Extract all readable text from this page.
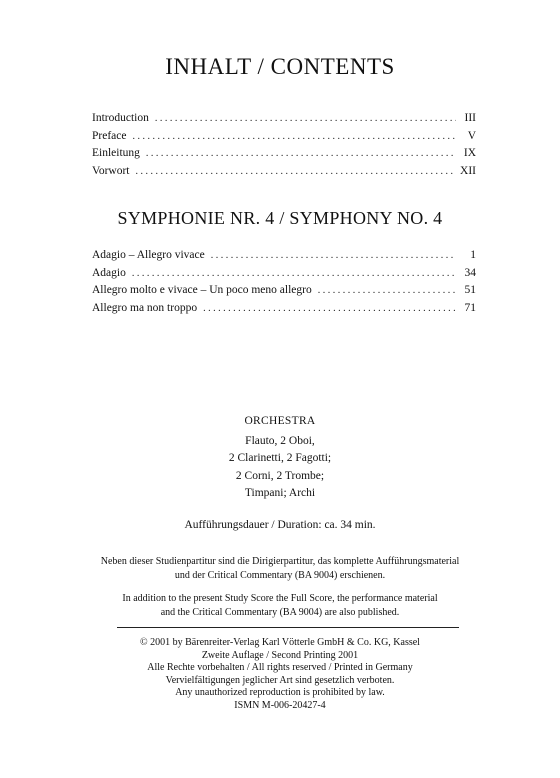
INHALT / CONTENTS
Introduction . . .	III
Preface . . .	V
Einleitung . . .	IX
Vorwort . . .	XII
SYMPHONIE NR. 4 / SYMPHONY NO. 4
Adagio – Allegro vivace . . .	1
Adagio . . .	34
Allegro molto e vivace – Un poco meno allegro . . .	51
Allegro ma non troppo . . .	71
ORCHESTRA
Flauto, 2 Oboi,
2 Clarinetti, 2 Fagotti;
2 Corni, 2 Trombe;
Timpani; Archi
Aufführungsdauer / Duration: ca. 34 min.
Neben dieser Studienpartitur sind die Dirigierpartitur, das komplette Aufführungsmaterial
und der Critical Commentary (BA 9004) erschienen.
In addition to the present Study Score the Full Score, the performance material
and the Critical Commentary (BA 9004) are also published.
© 2001 by Bärenreiter-Verlag Karl Vötterle GmbH & Co. KG, Kassel
Zweite Auflage / Second Printing 2001
Alle Rechte vorbehalten / All rights reserved / Printed in Germany
Vervielfältigungen jeglicher Art sind gesetzlich verboten.
Any unauthorized reproduction is prohibited by law.
ISMN M-006-20427-4
